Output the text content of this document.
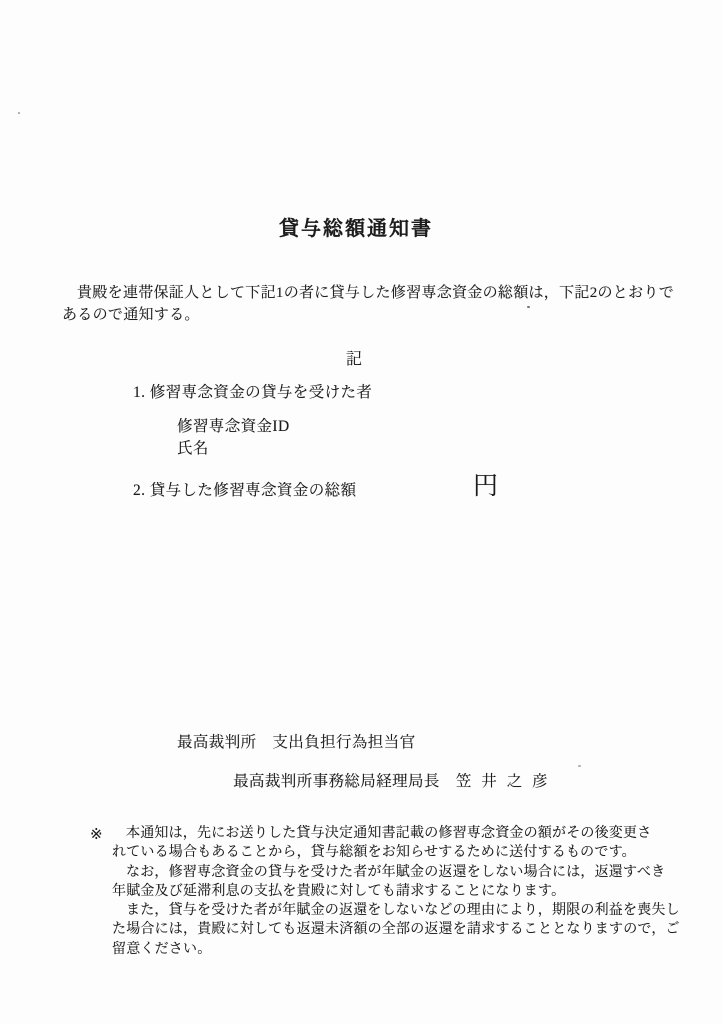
貸与総額通知書
貴殿を連帯保証人として下記1の者に貸与した修習専念資金の総額は，下記2のとおりで
あるので通知する。
記
1. 修習専念資金の貸与を受けた者
修習専念資金ID
氏名
2. 貸与した修習専念資金の総額	円
最高裁判所　支出負担行為担当官

最高裁判所事務総局経理局長 笠 井 之 彦

※	本通知は，先にお送りした貸与決定通知書記載の修習専念資金の額がその後変更さ
れている場合もあることから，貸与総額をお知らせするために送付するものです。
なお，修習専念資金の貸与を受けた者が年賦金の返還をしない場合には，返還すべき
年賦金及び延滞利息の支払を貴殿に対しても請求することになります。
また，貸与を受けた者が年賦金の返還をしないなどの理由により，期限の利益を喪失し
た場合には，貴殿に対しても返還未済額の全部の返還を請求することとなりますので，ご
留意ください。
